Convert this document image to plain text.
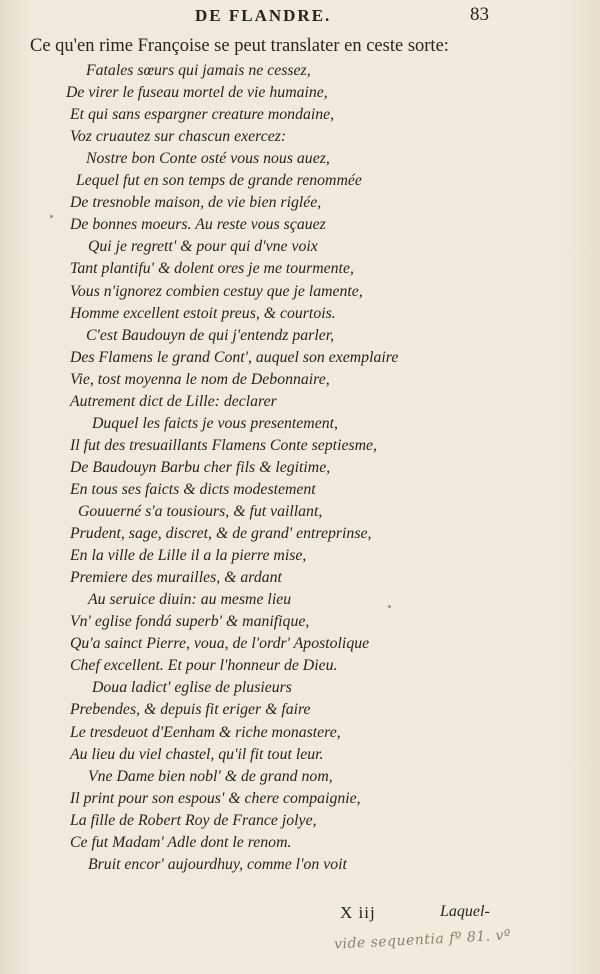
DE FLANDRE.	83
Ce qu'en rime Françoise se peut translater en ceste sorte:
Fatales sœurs qui jamais ne cessez,
De virer le fuseau mortel de vie humaine,
Et qui sans espargner creature mondaine,
Voz cruautez sur chascun exercez:
Nostre bon Conte osté vous nous auez,
Lequel fut en son temps de grande renommée
De tresnoble maison, de vie bien riglée,
De bonnes moeurs. Au reste vous sçauez
Qui je regrett' & pour qui d'vne voix
Tant plantifu' & dolent ores je me tourmente,
Vous n'ignorez combien cestuy que je lamente,
Homme excellent estoit preus, & courtois.
C'est Baudouyn de qui j'entendz parler,
Des Flamens le grand Cont', auquel son exemplaire
Vie, tost moyenna le nom de Debonnaire,
Autrement dict de Lille: declarer
Duquel les faicts je vous presentement,
Il fut des tresuaillants Flamens Conte septiesme,
De Baudouyn Barbu cher fils & legitime,
En tous ses faicts & dicts modestement
Gouuerné s'a tousiours, & fut vaillant,
Prudent, sage, discret, & de grand' entreprinse,
En la ville de Lille il a la pierre mise,
Premiere des murailles, & ardant
Au seruice diuin: au mesme lieu
Vn' eglise fondá superb' & manifique,
Qu'a sainct Pierre, voua, de l'ordr' Apostolique
Chef excellent. Et pour l'honneur de Dieu.
Doua ladict' eglise de plusieurs
Prebendes, & depuis fit eriger & faire
Le tresdeuot d'Eenham & riche monastere,
Au lieu du viel chastel, qu'il fit tout leur.
Vne Dame bien nobl' & de grand nom,
Il print pour son espous' & chere compaignie,
La fille de Robert Roy de France jolye,
Ce fut Madam' Adle dont le renom.
Bruit encor' aujourdhuy, comme l'on voit
X iij	Laquel-
vide sequentia fº 81. vº
